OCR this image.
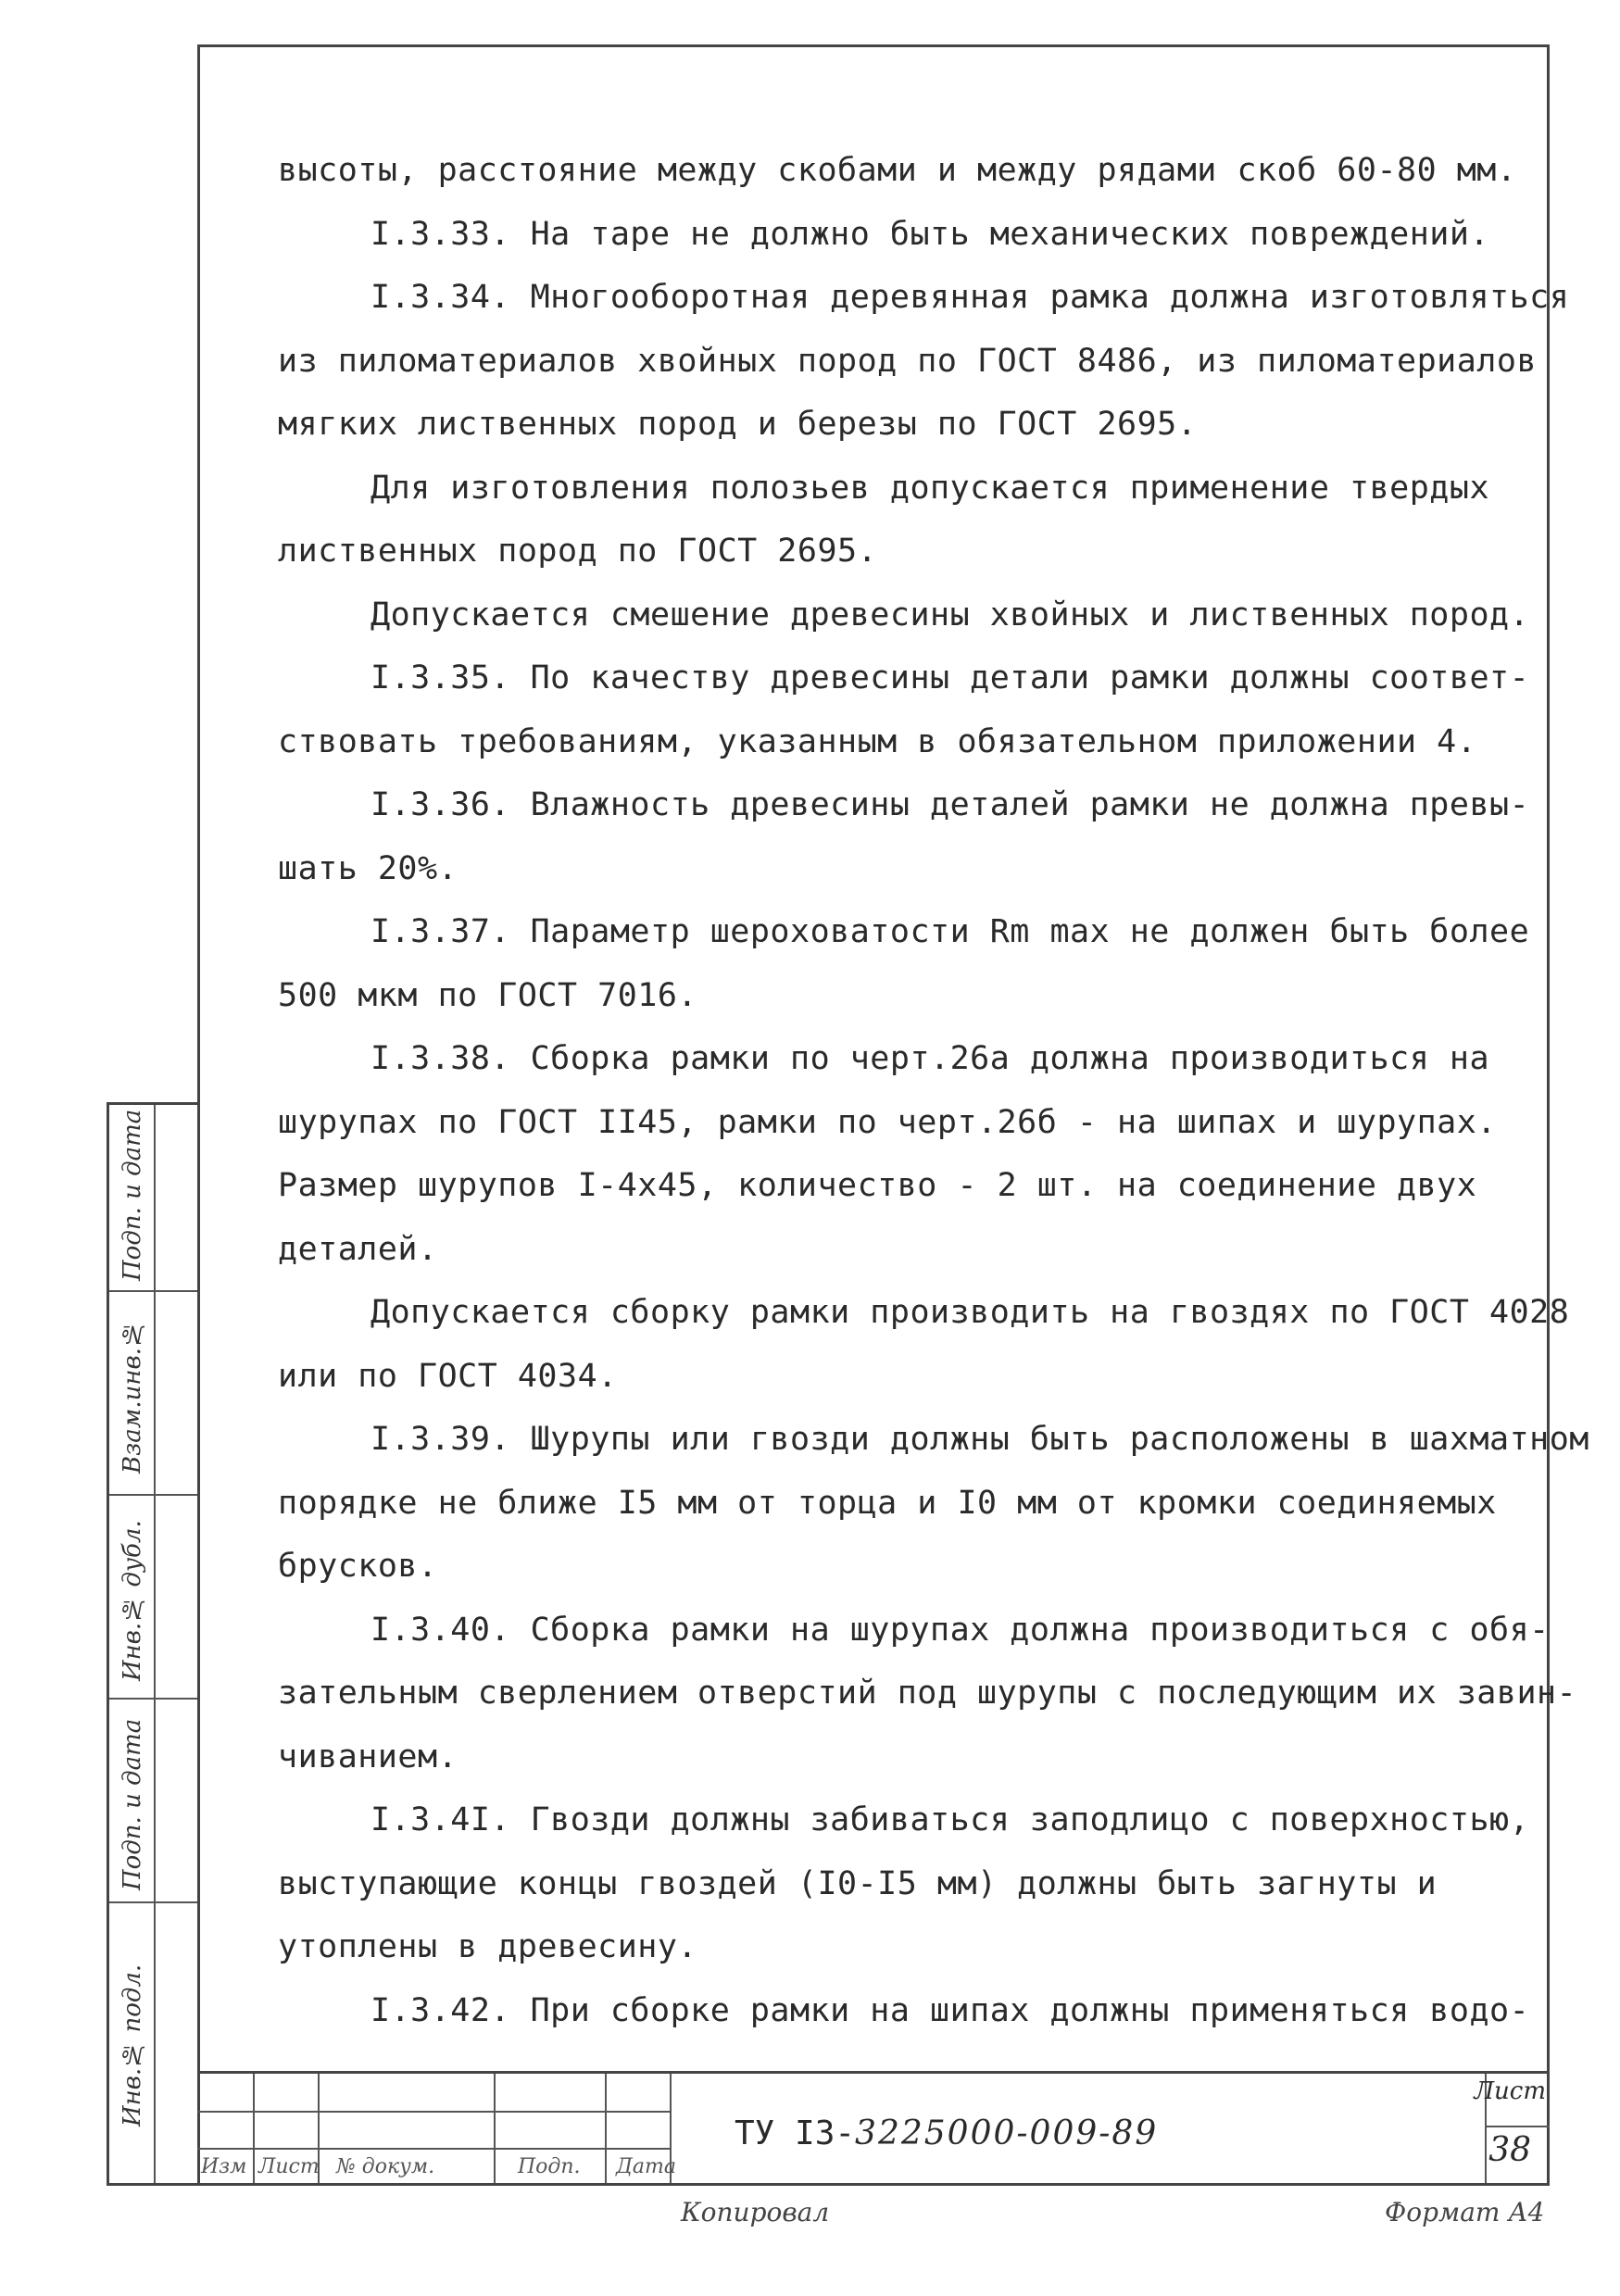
высоты, расстояние между скобами и между рядами скоб 60-80 мм.
I.3.33. На таре не должно быть механических повреждений.
I.3.34. Многооборотная деревянная рамка должна изготовляться
из пиломатериалов хвойных пород по ГОСТ 8486, из пиломатериалов
мягких лиственных пород и березы по ГОСТ 2695.
Для изготовления полозьев допускается применение твердых
лиственных пород по ГОСТ 2695.
Допускается смешение древесины хвойных и лиственных пород.
I.3.35. По качеству древесины детали рамки должны соответ-
ствовать требованиям, указанным в обязательном приложении 4.
I.3.36. Влажность древесины деталей рамки не должна превы-
шать 20%.
I.3.37. Параметр шероховатости Rm max не должен быть более
500 мкм по ГОСТ 7016.
I.3.38. Сборка рамки по черт.26а должна производиться на
шурупах по ГОСТ II45, рамки по черт.26б - на шипах и шурупах.
Размер шурупов I-4x45, количество - 2 шт. на соединение двух
деталей.
Допускается сборку рамки производить на гвоздях по ГОСТ 4028
или по ГОСТ 4034.
I.3.39. Шурупы или гвозди должны быть расположены в шахматном
порядке не ближе I5 мм от торца и I0 мм от кромки соединяемых
брусков.
I.3.40. Сборка рамки на шурупах должна производиться с обя-
зательным сверлением отверстий под шурупы с последующим их завин-
чиванием.
I.3.4I. Гвозди должны забиваться заподлицо с поверхностью,
выступающие концы гвоздей (I0-I5 мм) должны быть загнуты и
утоплены в древесину.
I.3.42. При сборке рамки на шипах должны применяться водо-
Подп. и дата
Взам.инв.№
Инв.№ дубл.
Подп. и дата
Инв.№ подл.
Изм Лист № докум.	Подп. Дата
ТУ I3-3225000-009-89
Лист
38
Копировал	Формат А4
